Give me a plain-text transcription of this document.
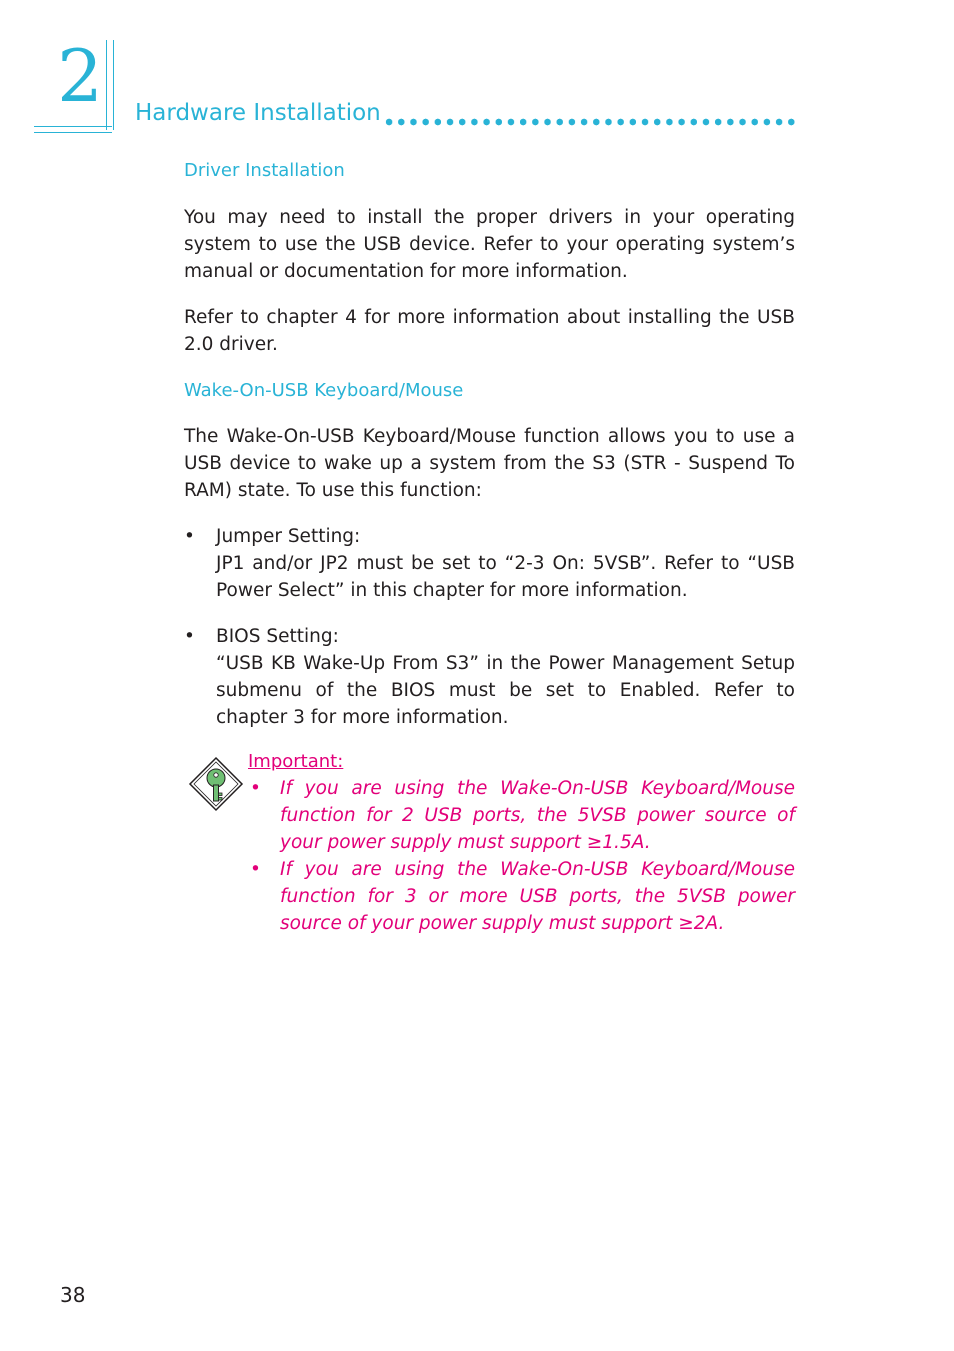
2	Hardware Installation
Driver Installation

You may need to install the proper drivers in your operating system to use the USB device. Refer to your operating system’s manual or documentation for more information.

Refer to chapter 4 for more information about installing the USB 2.0 driver.

Wake-On-USB Keyboard/Mouse

The Wake-On-USB Keyboard/Mouse function allows you to use a USB device to wake up a system from the S3 (STR - Suspend To RAM) state. To use this function:

• Jumper Setting:
JP1 and/or JP2 must be set to “2-3 On: 5VSB”. Refer to “USB Power Select” in this chapter for more information.
• BIOS Setting:
“USB KB Wake-Up From S3” in the Power Management Setup submenu of the BIOS must be set to Enabled. Refer to chapter 3 for more information.
Important:
• If you are using the Wake-On-USB Keyboard/Mouse function for 2 USB ports, the 5VSB power source of your power supply must support ≥1.5A.
• If you are using the Wake-On-USB Keyboard/Mouse function for 3 or more USB ports, the 5VSB power source of your power supply must support ≥2A.
38
